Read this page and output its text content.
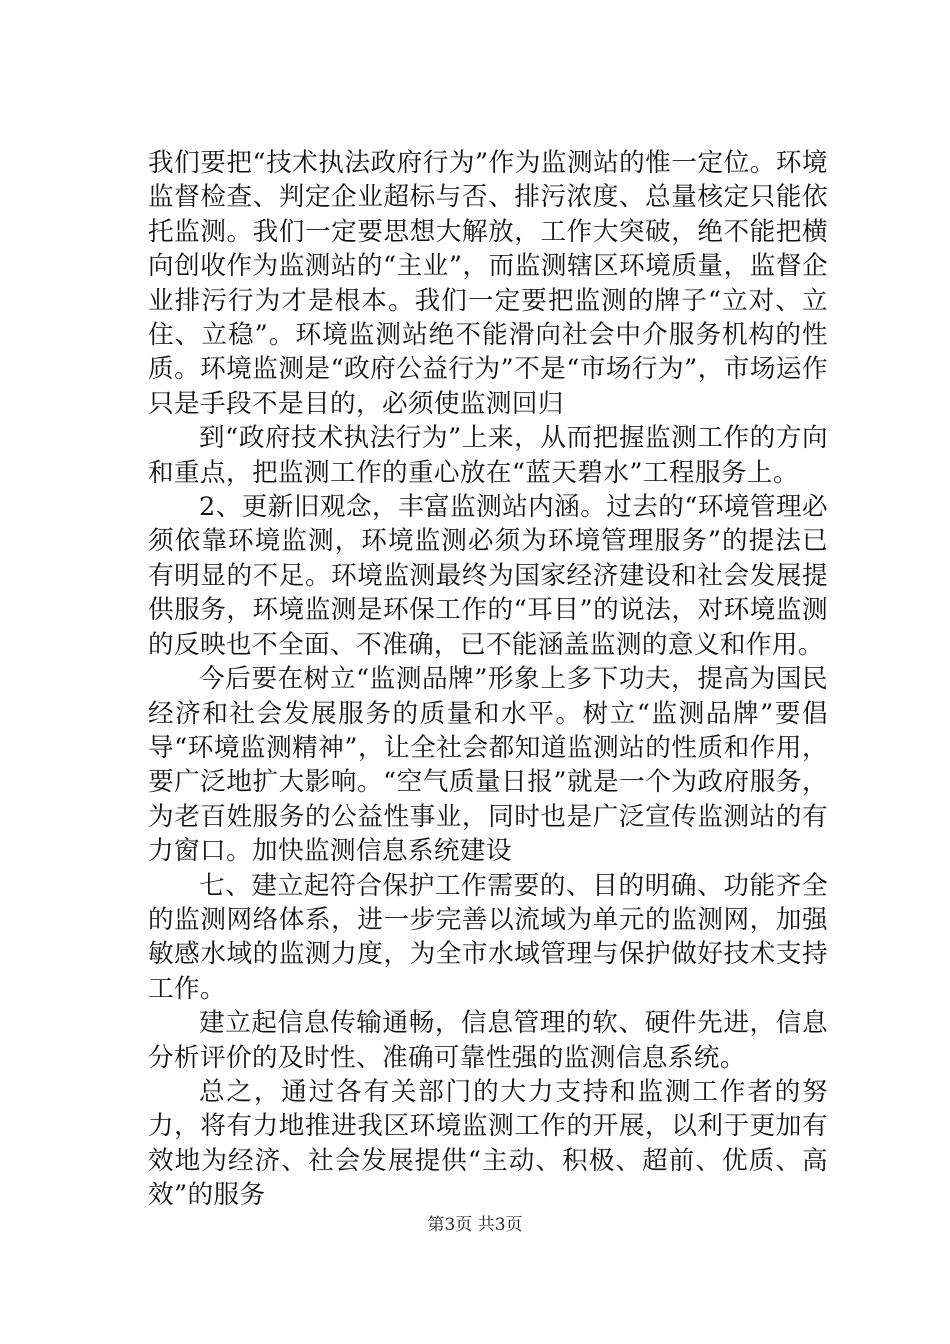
我们要把“技术执法政府行为”作为监测站的惟一定位。环境监督检查、判定企业超标与否、排污浓度、总量核定只能依托监测。我们一定要思想大解放，工作大突破，绝不能把横向创收作为监测站的“主业”，而监测辖区环境质量，监督企业排污行为才是根本。我们一定要把监测的牌子“立对、立住、立稳”。环境监测站绝不能滑向社会中介服务机构的性质。环境监测是“政府公益行为”不是“市场行为”，市场运作只是手段不是目的，必须使监测回归

到“政府技术执法行为”上来，从而把握监测工作的方向和重点，把监测工作的重心放在“蓝天碧水”工程服务上。

2、更新旧观念，丰富监测站内涵。过去的“环境管理必须依靠环境监测，环境监测必须为环境管理服务”的提法已有明显的不足。环境监测最终为国家经济建设和社会发展提供服务，环境监测是环保工作的“耳目”的说法，对环境监测的反映也不全面、不准确，已不能涵盖监测的意义和作用。

今后要在树立“监测品牌”形象上多下功夫，提高为国民经济和社会发展服务的质量和水平。树立“监测品牌”要倡导“环境监测精神”，让全社会都知道监测站的性质和作用，要广泛地扩大影响。“空气质量日报”就是一个为政府服务，为老百姓服务的公益性事业，同时也是广泛宣传监测站的有力窗口。加快监测信息系统建设

七、建立起符合保护工作需要的、目的明确、功能齐全的监测网络体系，进一步完善以流域为单元的监测网，加强敏感水域的监测力度，为全市水域管理与保护做好技术支持工作。

建立起信息传输通畅，信息管理的软、硬件先进，信息分析评价的及时性、准确可靠性强的监测信息系统。

总之，通过各有关部门的大力支持和监测工作者的努力，将有力地推进我区环境监测工作的开展，以利于更加有效地为经济、社会发展提供“主动、积极、超前、优质、高效”的服务

第3页 共3页
